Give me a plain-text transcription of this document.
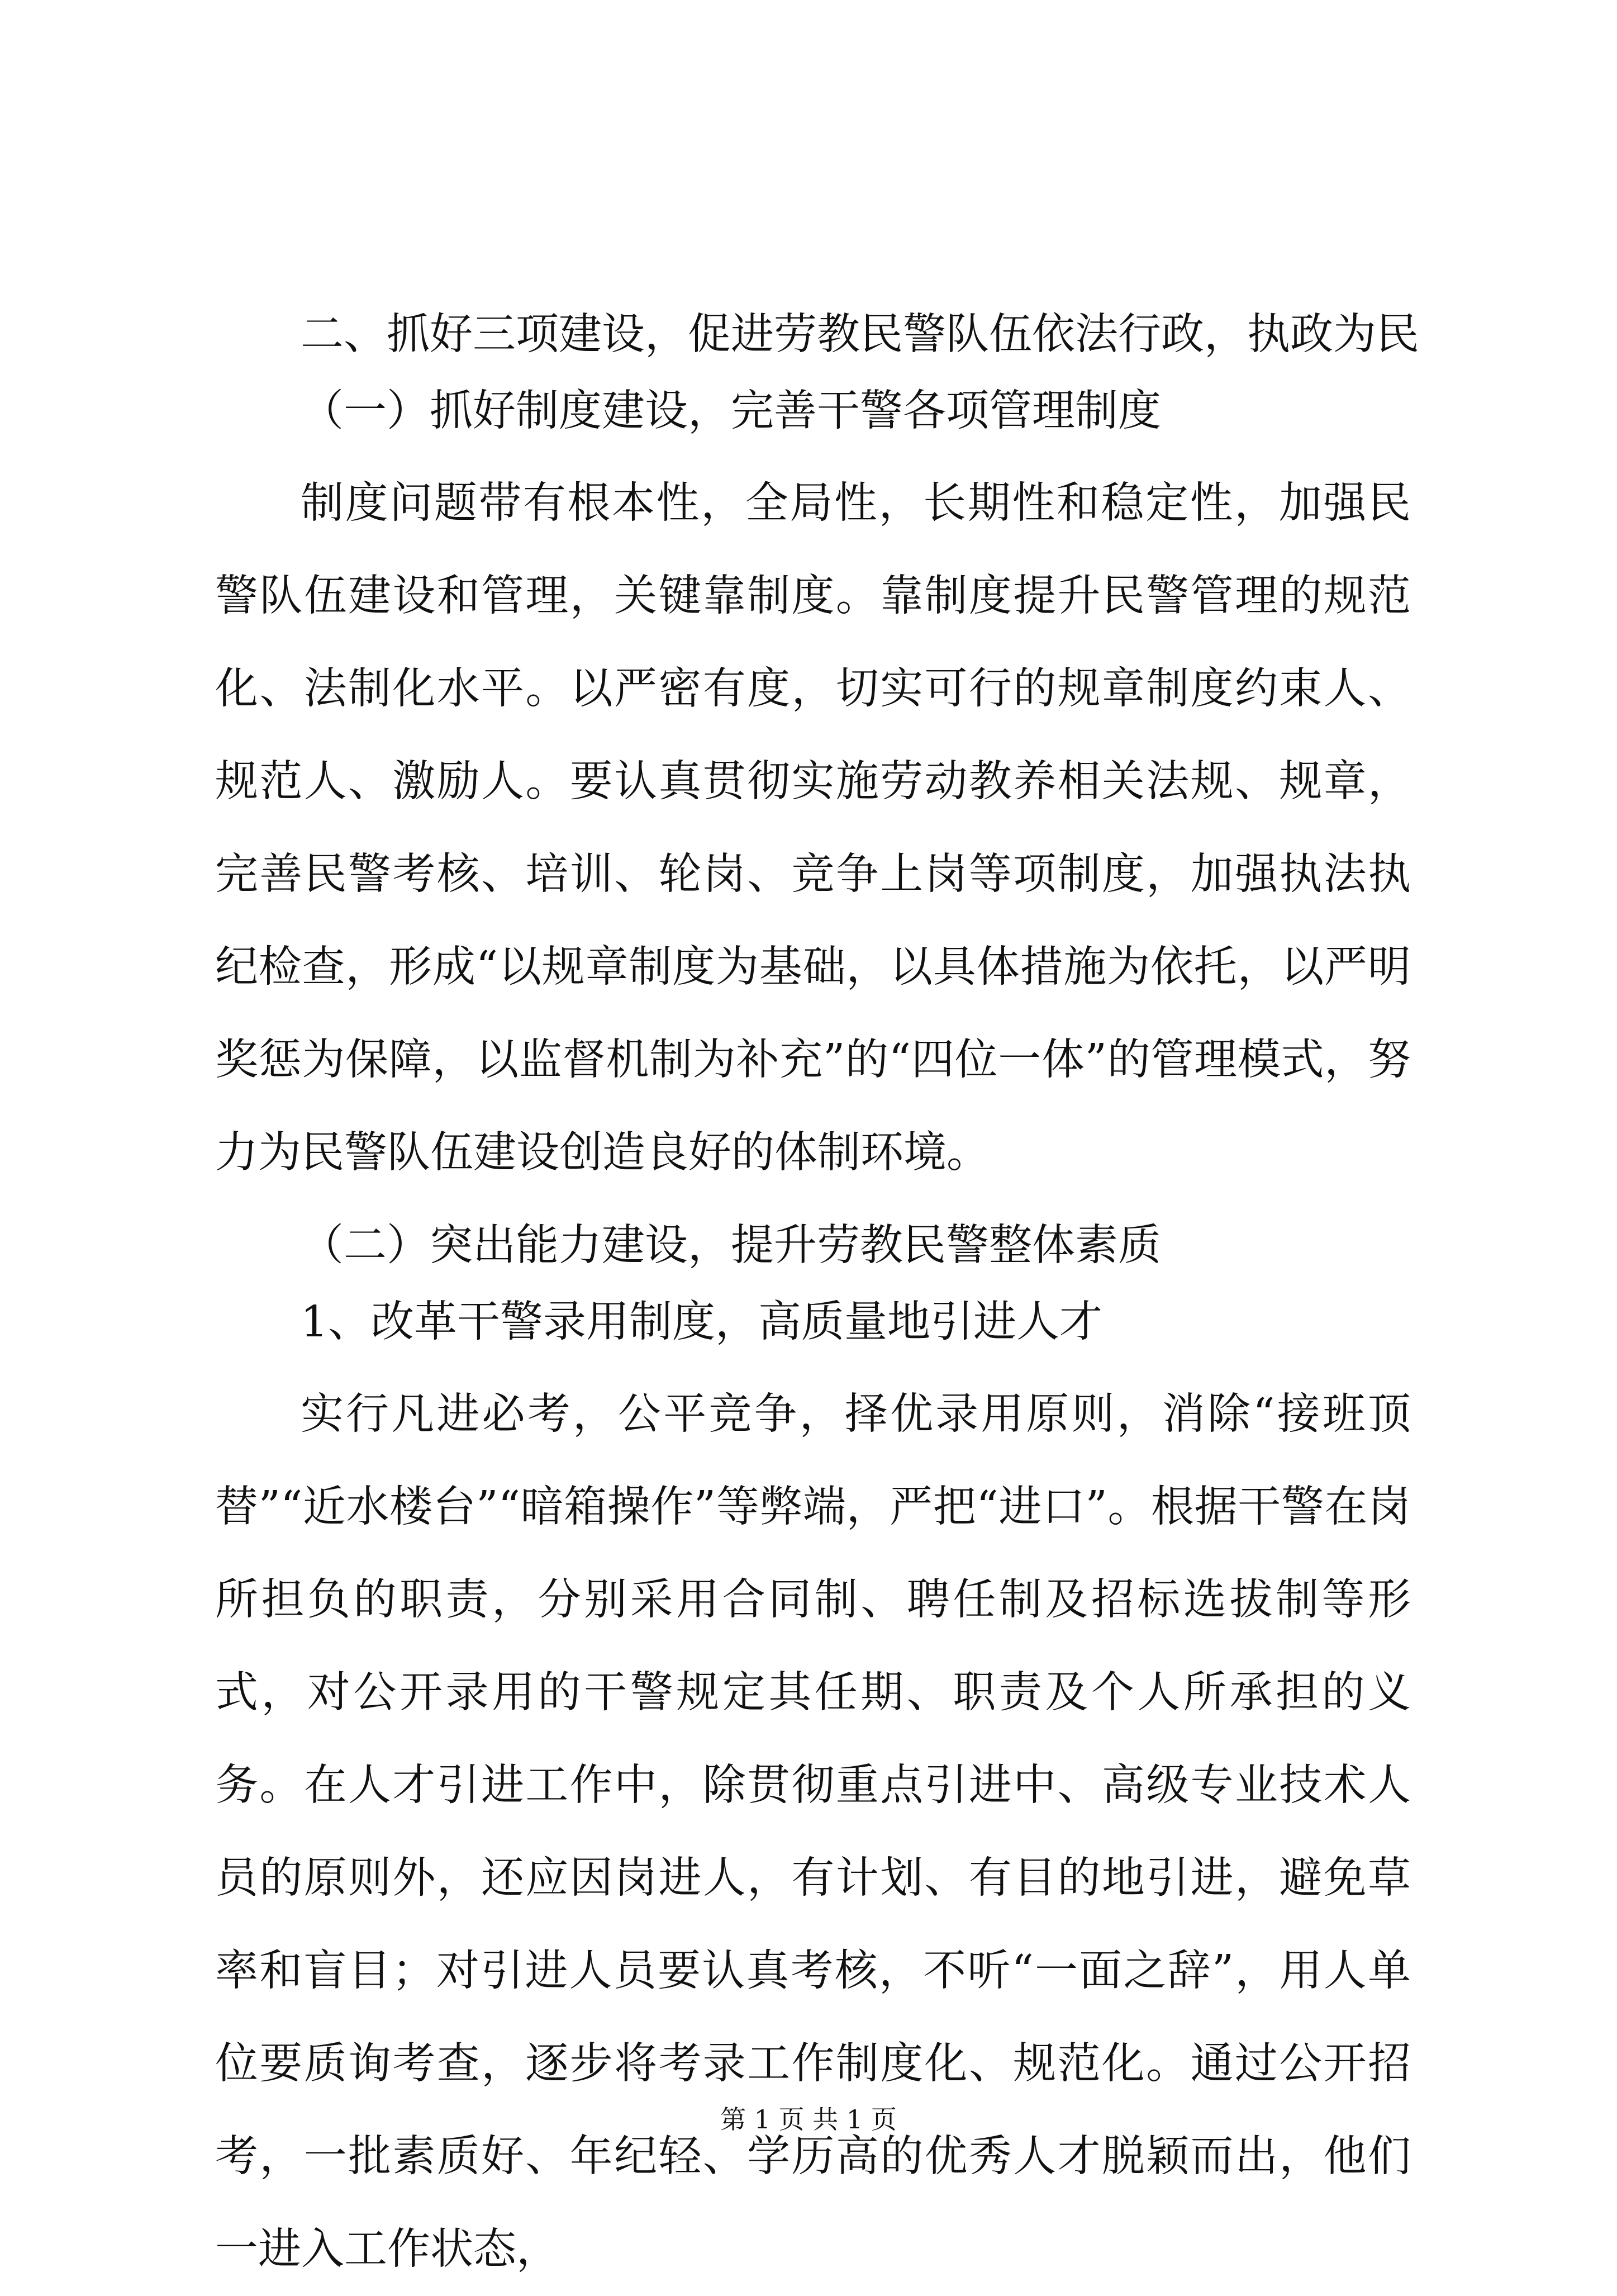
二、抓好三项建设，促进劳教民警队伍依法行政，执政为民
（一）抓好制度建设，完善干警各项管理制度

制度问题带有根本性，全局性，长期性和稳定性，加强民警队伍建设和管理，关键靠制度。靠制度提升民警管理的规范化、法制化水平。以严密有度，切实可行的规章制度约束人、规范人、激励人。要认真贯彻实施劳动教养相关法规、规章，完善民警考核、培训、轮岗、竞争上岗等项制度，加强执法执纪检查，形成“以规章制度为基础，以具体措施为依托，以严明奖惩为保障，以监督机制为补充”的“四位一体”的管理模式，努力为民警队伍建设创造良好的体制环境。

（二）突出能力建设，提升劳教民警整体素质
1、改革干警录用制度，高质量地引进人才

实行凡进必考，公平竞争，择优录用原则，消除“接班顶替”“近水楼台”“暗箱操作”等弊端，严把“进口”。根据干警在岗所担负的职责，分别采用合同制、聘任制及招标选拔制等形式，对公开录用的干警规定其任期、职责及个人所承担的义务。在人才引进工作中，除贯彻重点引进中、高级专业技术人员的原则外，还应因岗进人，有计划、有目的地引进，避免草率和盲目；对引进人员要认真考核，不听“一面之辞”，用人单位要质询考查，逐步将考录工作制度化、规范化。通过公开招考，一批素质好、年纪轻、学历高的优秀人才脱颖而出，他们一进入工作状态，

第 1 页 共 1 页
